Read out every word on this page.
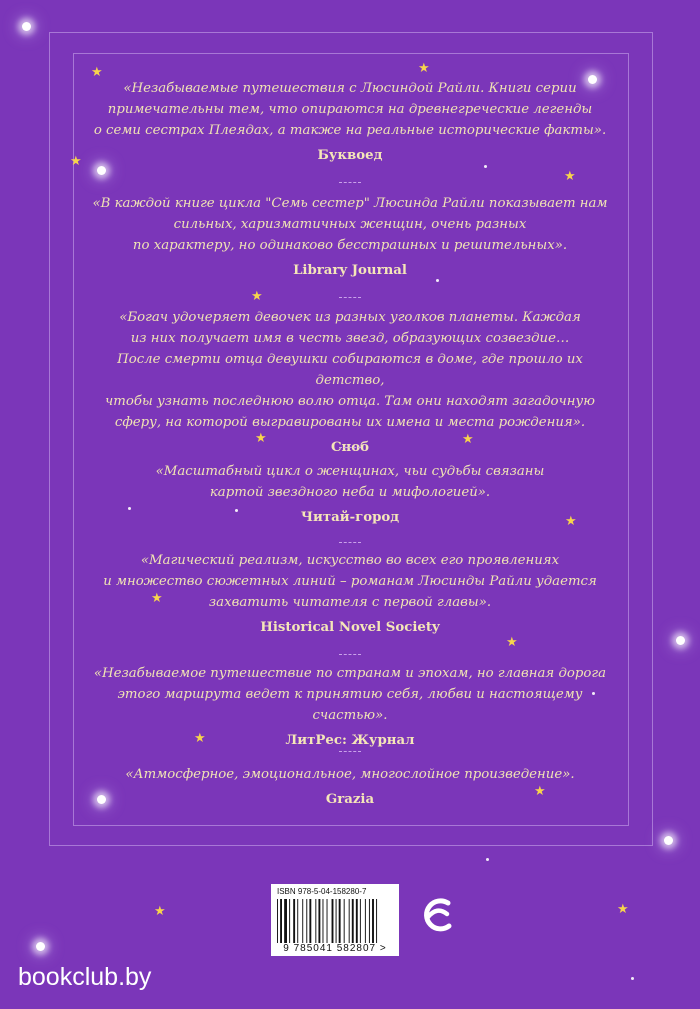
★	★
★
★
★
★	★
★
★
★
★
★
★	★

«Незабываемые путешествия с Люсиндой Райли. Книги серии
примечательны тем, что опираются на древнегреческие легенды
о семи сестрах Плеядах, а также на реальные исторические факты».

Буквоед

«В каждой книге цикла "Семь сестер" Люсинда Райли показывает нам
сильных, харизматичных женщин, очень разных
по характеру, но одинаково бесстрашных и решительных».

Library Journal

«Богач удочеряет девочек из разных уголков планеты. Каждая
из них получает имя в честь звезд, образующих созвездие…
После смерти отца девушки собираются в доме, где прошло их детство,
чтобы узнать последнюю волю отца. Там они находят загадочную
сферу, на которой выгравированы их имена и места рождения».

Сноб

«Масштабный цикл о женщинах, чьи судьбы связаны
картой звездного неба и мифологией».

Читай-город

«Магический реализм, искусство во всех его проявлениях
и множество сюжетных линий – романам Люсинды Райли удается
захватить читателя с первой главы».

Historical Novel Society

«Незабываемое путешествие по странам и эпохам, но главная дорога
этого маршрута ведет к принятию себя, любви и настоящему счастью».

ЛитРес: Журнал

«Атмосферное, эмоциональное, многослойное произведение».

Grazia

ISBN 978-5-04-158280-7
9 785041 582807 >
bookclub.by
